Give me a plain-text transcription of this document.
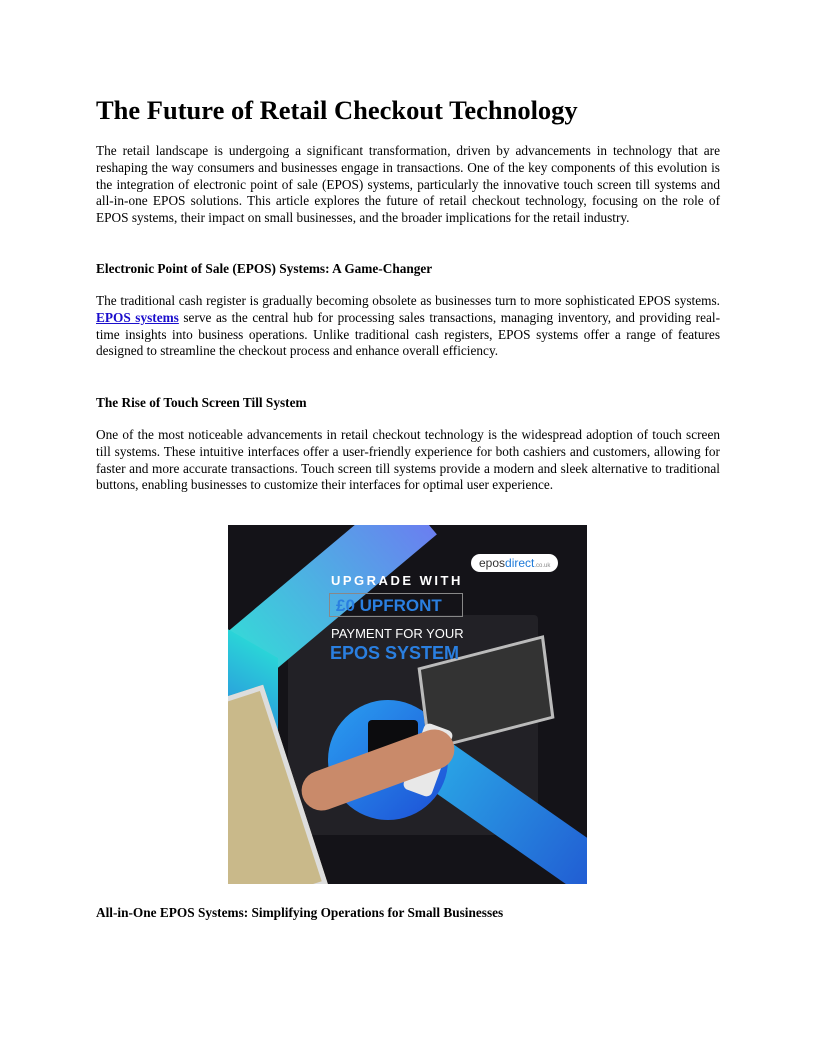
The Future of Retail Checkout Technology

The retail landscape is undergoing a significant transformation, driven by advancements in technology that are reshaping the way consumers and businesses engage in transactions. One of the key components of this evolution is the integration of electronic point of sale (EPOS) systems, particularly the innovative touch screen till systems and all-in-one EPOS solutions. This article explores the future of retail checkout technology, focusing on the role of EPOS systems, their impact on small businesses, and the broader implications for the retail industry.

Electronic Point of Sale (EPOS) Systems: A Game-Changer

The traditional cash register is gradually becoming obsolete as businesses turn to more sophisticated EPOS systems. EPOS systems serve as the central hub for processing sales transactions, managing inventory, and providing real-time insights into business operations. Unlike traditional cash registers, EPOS systems offer a range of features designed to streamline the checkout process and enhance overall efficiency.

The Rise of Touch Screen Till System

One of the most noticeable advancements in retail checkout technology is the widespread adoption of touch screen till systems. These intuitive interfaces offer a user-friendly experience for both cashiers and customers, allowing for faster and more accurate transactions. Touch screen till systems provide a modern and sleek alternative to traditional buttons, enabling businesses to customize their interfaces for optimal user experience.

eposdirect.co.uk
UPGRADE WITH
£0 UPFRONT
PAYMENT FOR YOUR
EPOS SYSTEM

All-in-One EPOS Systems: Simplifying Operations for Small Businesses
